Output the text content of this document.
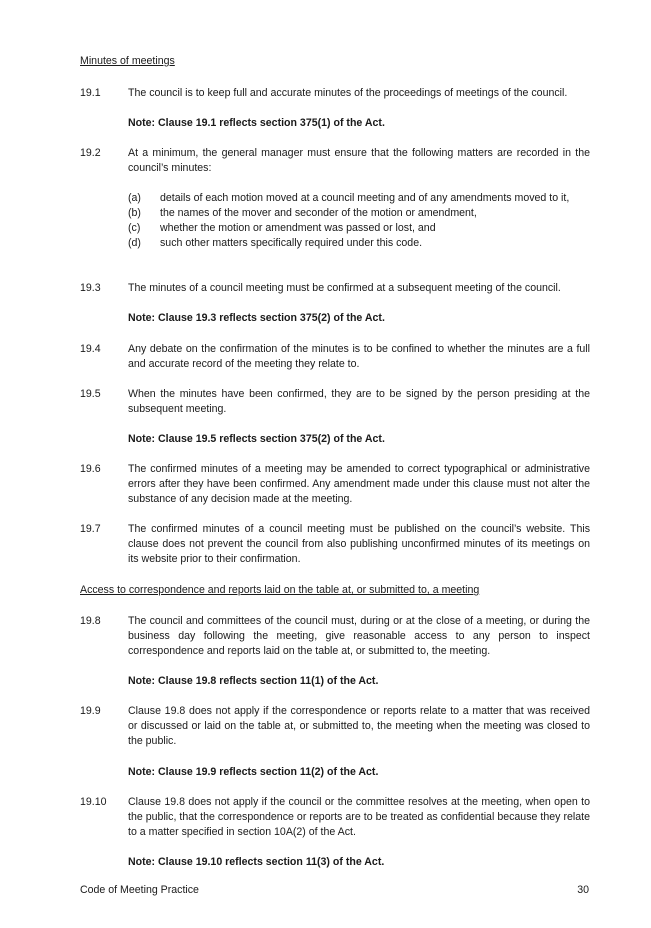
Minutes of meetings
19.1	The council is to keep full and accurate minutes of the proceedings of meetings of the council.
Note: Clause 19.1 reflects section 375(1) of the Act.
19.2	At a minimum, the general manager must ensure that the following matters are recorded in the council’s minutes:
(a)	details of each motion moved at a council meeting and of any amendments moved to it,
(b)	the names of the mover and seconder of the motion or amendment,
(c)	whether the motion or amendment was passed or lost, and
(d)	such other matters specifically required under this code.
19.3	The minutes of a council meeting must be confirmed at a subsequent meeting of the council.
Note: Clause 19.3 reflects section 375(2) of the Act.
19.4	Any debate on the confirmation of the minutes is to be confined to whether the minutes are a full and accurate record of the meeting they relate to.
19.5	When the minutes have been confirmed, they are to be signed by the person presiding at the subsequent meeting.
Note: Clause 19.5 reflects section 375(2) of the Act.
19.6	The confirmed minutes of a meeting may be amended to correct typographical or administrative errors after they have been confirmed. Any amendment made under this clause must not alter the substance of any decision made at the meeting.
19.7	The confirmed minutes of a council meeting must be published on the council’s website. This clause does not prevent the council from also publishing unconfirmed minutes of its meetings on its website prior to their confirmation.
Access to correspondence and reports laid on the table at, or submitted to, a meeting
19.8	The council and committees of the council must, during or at the close of a meeting, or during the business day following the meeting, give reasonable access to any person to inspect correspondence and reports laid on the table at, or submitted to, the meeting.
Note: Clause 19.8 reflects section 11(1) of the Act.
19.9	Clause 19.8 does not apply if the correspondence or reports relate to a matter that was received or discussed or laid on the table at, or submitted to, the meeting when the meeting was closed to the public.
Note: Clause 19.9 reflects section 11(2) of the Act.
19.10	Clause 19.8 does not apply if the council or the committee resolves at the meeting, when open to the public, that the correspondence or reports are to be treated as confidential because they relate to a matter specified in section 10A(2) of the Act.
Note: Clause 19.10 reflects section 11(3) of the Act.
Code of Meeting Practice	30
